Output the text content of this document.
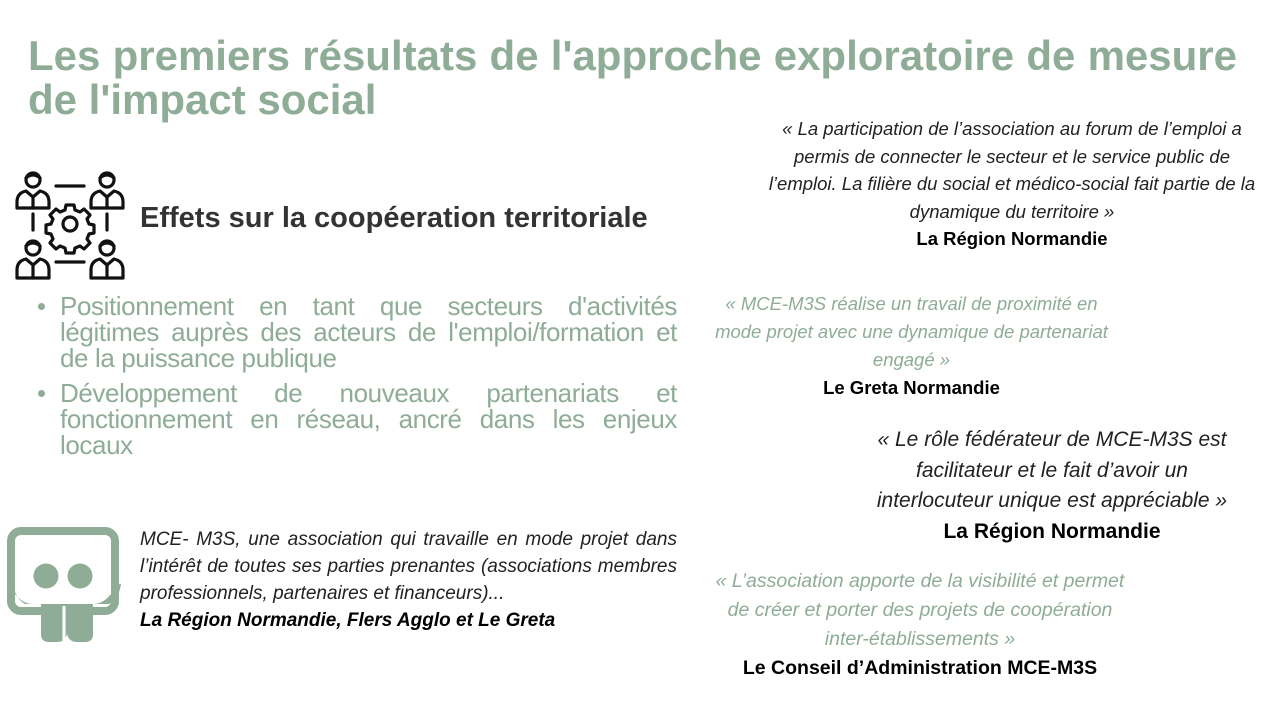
Les premiers résultats de l'approche exploratoire de mesure de l'impact social
Effets sur la coopéeration territoriale
Positionnement en tant que secteurs d'activités légitimes auprès des acteurs de l'emploi/formation et de la puissance publique
Développement de nouveaux partenariats et fonctionnement en réseau, ancré dans les enjeux locaux
MCE- M3S, une association qui travaille en mode projet dans l’intérêt de toutes ses parties prenantes (associations membres professionnels, partenaires et financeurs)...
La Région Normandie, Flers Agglo et Le Greta
« La participation de l’association au forum de l’emploi a permis de connecter le secteur et le service public de l’emploi. La filière du social et médico-social fait partie de la dynamique du territoire »
La Région Normandie
« MCE-M3S réalise un travail de proximité en mode projet avec une dynamique de partenariat engagé »
Le Greta Normandie
« Le rôle fédérateur de MCE-M3S est facilitateur et le fait d’avoir un interlocuteur unique est appréciable »
La Région Normandie
« L’association apporte de la visibilité et permet de créer et porter des projets de coopération inter-établissements »
Le Conseil d’Administration MCE-M3S
